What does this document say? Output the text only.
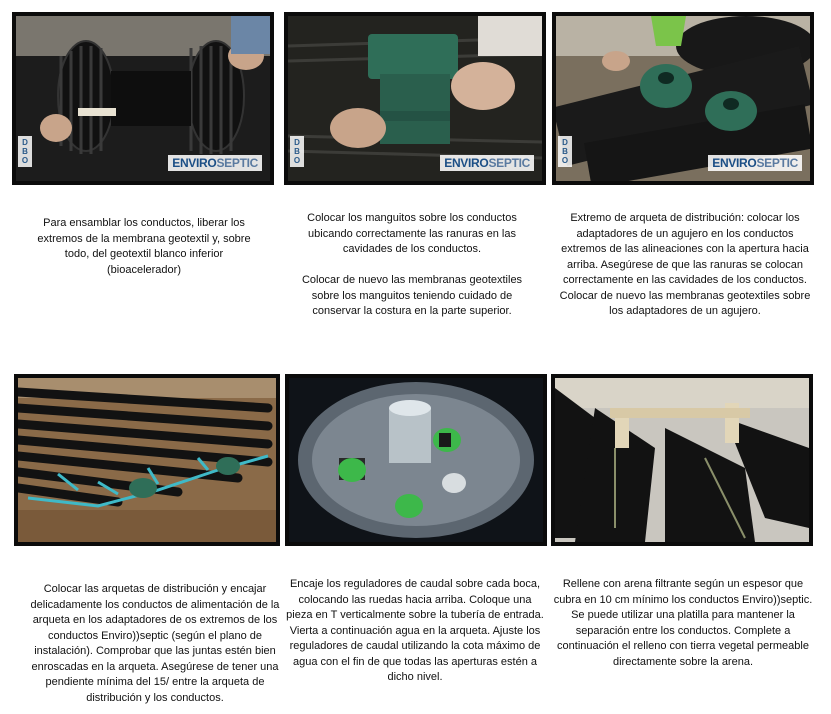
D
B
O	ENVIROSEPTIC
D
B
O	ENVIROSEPTIC
D
B
O	ENVIROSEPTIC
Para ensamblar los conductos, liberar los extremos de la membrana geotextil y, sobre todo, del geotextil blanco inferior (bioacelerador)
Colocar los manguitos sobre los conductos ubicando correctamente las ranuras en las cavidades de los conductos.

Colocar de nuevo las membranas geotextiles sobre los manguitos teniendo cuidado de conservar la costura en la parte superior.
Extremo de arqueta de distribución: colocar los adaptadores de un agujero en los conductos extremos de las alineaciones con la apertura hacia arriba. Asegúrese de que las ranuras se colocan correctamente en las cavidades de los conductos. Colocar de nuevo las membranas geotextiles sobre los adaptadores de un agujero.
Colocar las arquetas de distribución y encajar delicadamente los conductos de alimentación de la arqueta en los adaptadores de os extremos de los conductos Enviro))septic (según el plano de instalación). Comprobar que las juntas estén bien enroscadas en la arqueta. Asegúrese de tener una pendiente mínima del 15/ entre la arqueta de distribución y los conductos.
Encaje los reguladores de caudal sobre cada boca, colocando las ruedas hacia arriba. Coloque una pieza en T verticalmente sobre la tubería de entrada. Vierta a continuación agua en la arqueta. Ajuste los reguladores de caudal utilizando la cota máximo de agua con el fin de que todas las aperturas estén a dicho nivel.
Rellene con arena filtrante según un espesor que cubra en 10 cm mínimo los conductos Enviro))septic. Se puede utilizar una platilla para mantener la separación entre los conductos. Complete a continuación el relleno con tierra vegetal permeable directamente sobre la arena.
